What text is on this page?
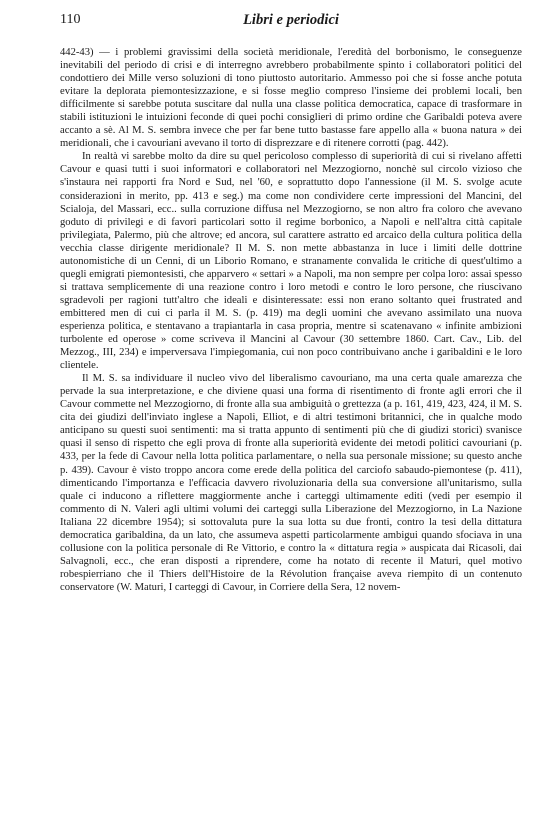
110	Libri e periodici

442-43) — i problemi gravissimi della società meridionale, l'eredità del borbonismo, le conseguenze inevitabili del periodo di crisi e di interregno avrebbero probabilmente spinto i collaboratori politici del condottiero dei Mille verso soluzioni di tono piuttosto autoritario. Ammesso poi che si fosse anche potuta evitare la deplorata piemontesizzazione, e si fosse meglio compreso l'insieme dei problemi locali, ben difficilmente si sarebbe potuta suscitare dal nulla una classe politica democratica, capace di trasformare in stabili istituzioni le intuizioni feconde di quei pochi consiglieri di primo ordine che Garibaldi poteva avere accanto a sè. Al M. S. sembra invece che per far bene tutto bastasse fare appello alla « buona natura » dei meridionali, che i cavouriani avevano il torto di disprezzare e di ritenere corrotti (pag. 442).

In realtà vi sarebbe molto da dire su quel pericoloso complesso di superiorità di cui si rivelano affetti Cavour e quasi tutti i suoi informatori e collaboratori nel Mezzogiorno, nonchè sul circolo vizioso che s'instaura nei rapporti fra Nord e Sud, nel '60, e soprattutto dopo l'annessione (il M. S. svolge acute considerazioni in merito, pp. 413 e seg.) ma come non condividere certe impressioni del Mancini, del Scialoja, del Massari, ecc.. sulla corruzione diffusa nel Mezzogiorno, se non altro fra coloro che avevano goduto di privilegi e di favori particolari sotto il regime borbonico, a Napoli e nell'altra città capitale privilegiata, Palermo, più che altrove; ed ancora, sul carattere astratto ed arcaico della cultura politica della vecchia classe dirigente meridionale? Il M. S. non mette abbastanza in luce i limiti delle dottrine autonomistiche di un Cenni, di un Liborio Romano, e stranamente convalida le critiche di quest'ultimo a quegli emigrati piemontesisti, che apparvero « settari » a Napoli, ma non sempre per colpa loro: assai spesso si trattava semplicemente di una reazione contro i loro metodi e contro le loro persone, che riuscivano sgradevoli per ragioni tutt'altro che ideali e disinteressate: essi non erano soltanto quei frustrated and embittered men di cui ci parla il M. S. (p. 419) ma degli uomini che avevano assimilato una nuova esperienza politica, e stentavano a trapiantarla in casa propria, mentre si scatenavano « infinite ambizioni turbolente ed operose » come scriveva il Mancini al Cavour (30 settembre 1860. Cart. Cav., Lib. del Mezzog., III, 234) e imperversava l'impiegomania, cui non poco contribuivano anche i garibaldini e le loro clientele.

Il M. S. sa individuare il nucleo vivo del liberalismo cavouriano, ma una certa quale amarezza che pervade la sua interpretazione, e che diviene quasi una forma di risentimento di fronte agli errori che il Cavour commette nel Mezzogiorno, di fronte alla sua ambiguità o grettezza (a p. 161, 419, 423, 424, il M. S. cita dei giudizi dell'inviato inglese a Napoli, Elliot, e di altri testimoni britannici, che in qualche modo anticipano su questi suoi sentimenti: ma si tratta appunto di sentimenti più che di giudizi storici) svanisce quasi il senso di rispetto che egli prova di fronte alla superiorità evidente dei metodi politici cavouriani (p. 433, per la fede di Cavour nella lotta politica parlamentare, o nella sua personale missione; su questo anche p. 439). Cavour è visto troppo ancora come erede della politica del carciofo sabaudo-piemontese (p. 411), dimenticando l'importanza e l'efficacia davvero rivoluzionaria della sua conversione all'unitarismo, sulla quale ci inducono a riflettere maggiormente anche i carteggi ultimamente editi (vedi per esempio il commento di N. Valeri agli ultimi volumi dei carteggi sulla Liberazione del Mezzogiorno, in La Nazione Italiana 22 dicembre 1954); si sottovaluta pure la sua lotta su due fronti, contro la tesi della dittatura democratica garibaldina, da un lato, che assumeva aspetti particolarmente ambigui quando sfociava in una collusione con la politica personale di Re Vittorio, e contro la « dittatura regia » auspicata dai Ricasoli, dai Salvagnoli, ecc., che eran disposti a riprendere, come ha notato di recente il Maturi, quel motivo robespierriano che il Thiers dell'Histoire de la Révolution française aveva riempito di un contenuto conservatore (W. Maturi, I carteggi di Cavour, in Corriere della Sera, 12 novem-
